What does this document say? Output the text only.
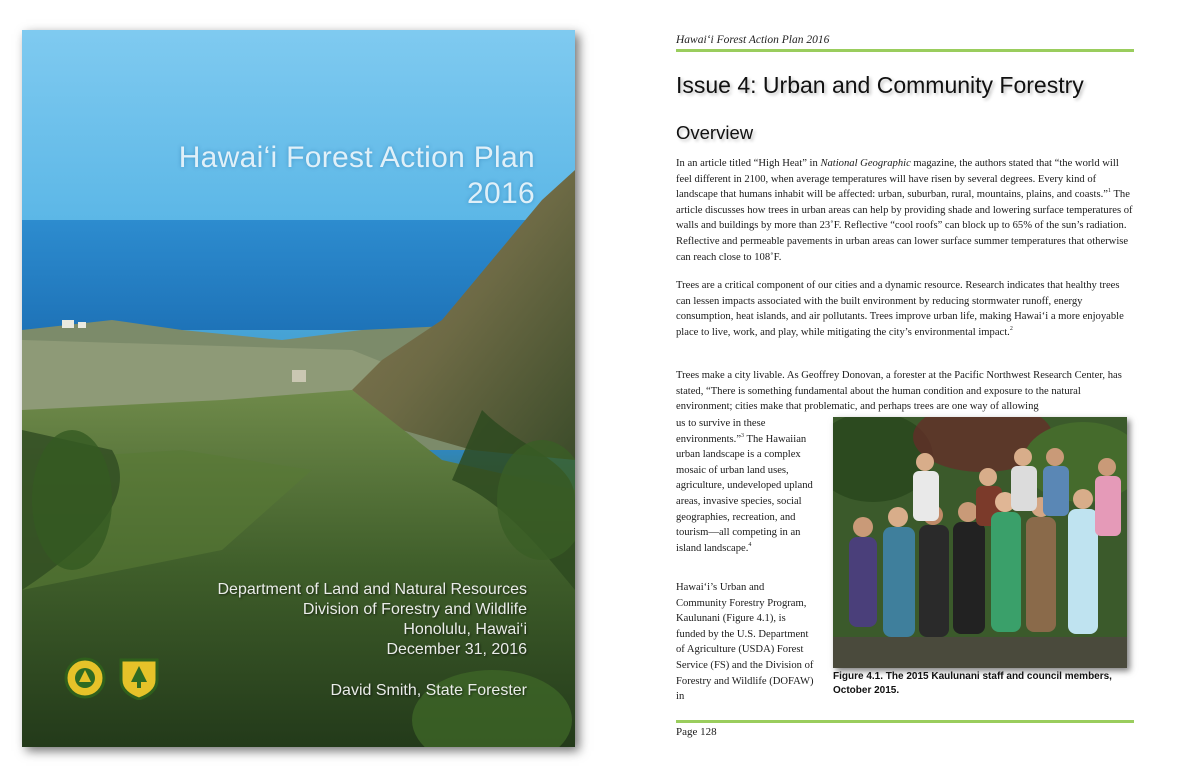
Hawai‘i Forest Action Plan
2016
Department of Land and Natural Resources
Division of Forestry and Wildlife
Honolulu, Hawai‘i
December 31, 2016
David Smith, State Forester
Hawai‘i Forest Action Plan 2016
Issue 4: Urban and Community Forestry
Overview

In an article titled “High Heat” in National Geographic magazine, the authors stated that “the world will feel different in 2100, when average temperatures will have risen by several degrees. Every kind of landscape that humans inhabit will be affected: urban, suburban, rural, mountains, plains, and coasts.”$^1$ The article discusses how trees in urban areas can help by providing shade and lowering surface temperatures of walls and buildings by more than 23˚F. Reflective “cool roofs” can block up to 65% of the sun’s radiation. Reflective and permeable pavements in urban areas can lower surface summer temperatures that otherwise can reach close to 108˚F.

Trees are a critical component of our cities and a dynamic resource. Research indicates that healthy trees can lessen impacts associated with the built environment by reducing stormwater runoff, energy consumption, heat islands, and air pollutants. Trees improve urban life, making Hawai‘i a more enjoyable place to live, work, and play, while mitigating the city’s environmental impact.$^2$

Trees make a city livable. As Geoffrey Donovan, a forester at the Pacific Northwest Research Center, has stated, “There is something fundamental about the human condition and exposure to the natural environment; cities make that problematic, and perhaps trees are one way of allowing

us to survive in these environments.”$^3$ The Hawaiian urban landscape is a complex mosaic of urban land uses, agriculture, undeveloped upland areas, invasive species, social geographies, recreation, and tourism—all competing in an island landscape.$^4$

Hawai‘i’s Urban and Community Forestry Program, Kaulunani (Figure 4.1), is funded by the U.S. Department of Agriculture (USDA) Forest Service (FS) and the Division of Forestry and Wildlife (DOFAW) in

Figure 4.1. The 2015 Kaulunani staff and council members, October 2015.
Page 128
